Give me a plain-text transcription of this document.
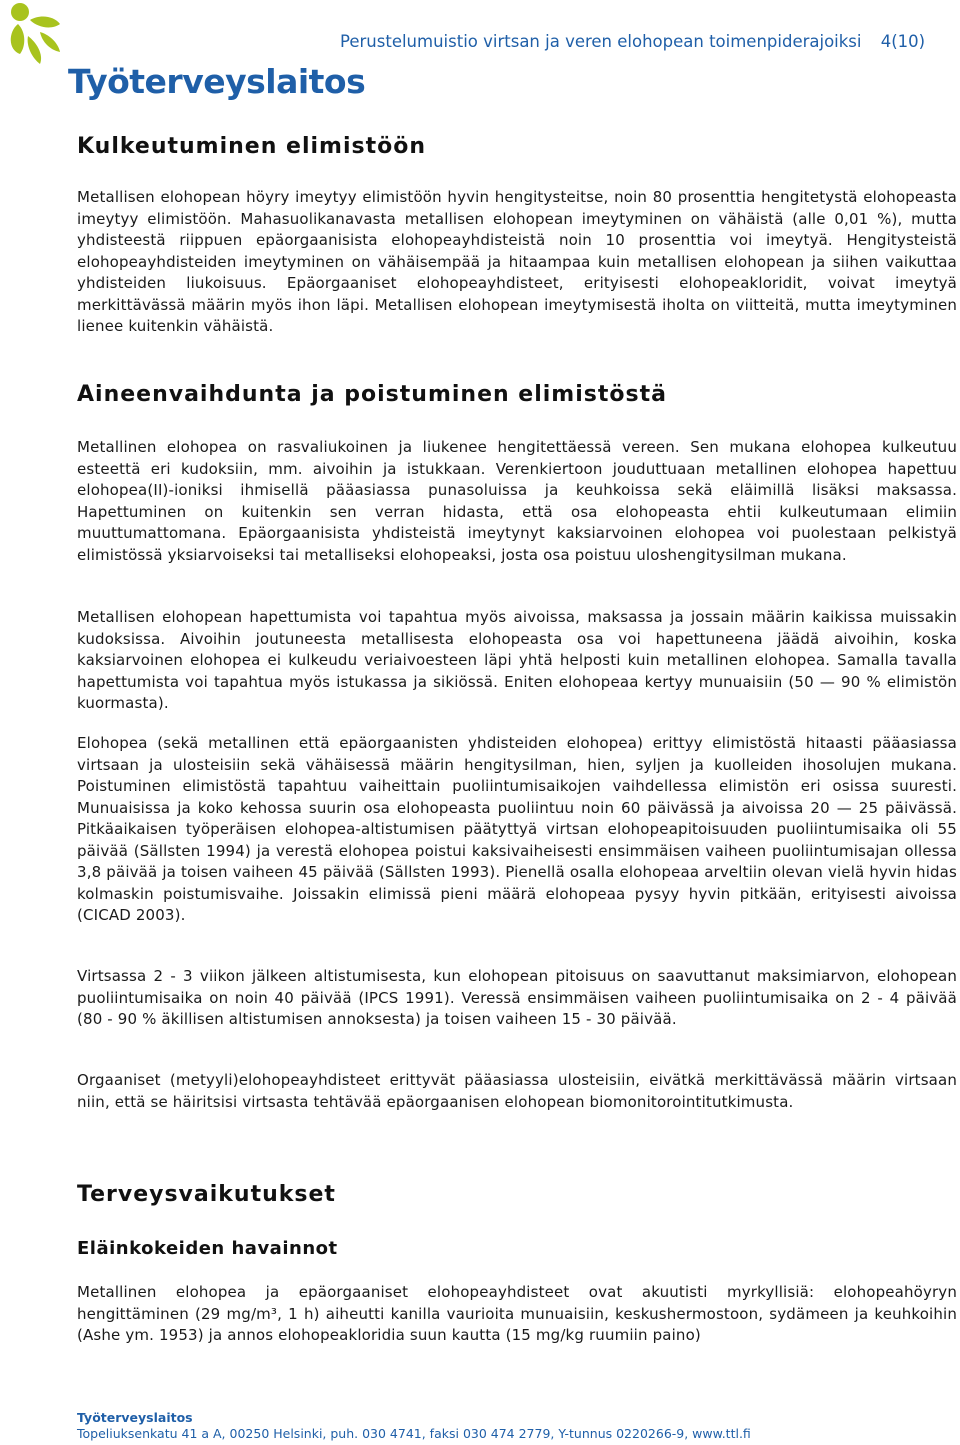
Työterveyslaitos
Perustelumuistio virtsan ja veren elohopean toimenpiderajoiksi 4(10)
Kulkeutuminen elimistöön

Metallisen elohopean höyry imeytyy elimistöön hyvin hengitysteitse, noin 80 prosenttia hengitetystä elohopeasta imeytyy elimistöön. Mahasuolikanavasta metallisen elohopean imeytyminen on vähäistä (alle 0,01 %), mutta yhdisteestä riippuen epäorgaanisista elohopeayhdisteistä noin 10 prosenttia voi imeytyä. Hengitysteistä elohopeayhdisteiden imeytyminen on vähäisempää ja hitaampaa kuin metallisen elohopean ja siihen vaikuttaa yhdisteiden liukoisuus. Epäorgaaniset elohopeayhdisteet, erityisesti elohopeakloridit, voivat imeytyä merkittävässä määrin myös ihon läpi. Metallisen elohopean imeytymisestä iholta on viitteitä, mutta imeytyminen lienee kuitenkin vähäistä.

Aineenvaihdunta ja poistuminen elimistöstä

Metallinen elohopea on rasvaliukoinen ja liukenee hengitettäessä vereen. Sen mukana elohopea kulkeutuu esteettä eri kudoksiin, mm. aivoihin ja istukkaan. Verenkiertoon jouduttuaan metallinen elohopea hapettuu elohopea(II)-ioniksi ihmisellä pääasiassa punasoluissa ja keuhkoissa sekä eläimillä lisäksi maksassa. Hapettuminen on kuitenkin sen verran hidasta, että osa elohopeasta ehtii kulkeutumaan elimiin muuttumattomana. Epäorgaanisista yhdisteistä imeytynyt kaksiarvoinen elohopea voi puolestaan pelkistyä elimistössä yksiarvoiseksi tai metalliseksi elohopeaksi, josta osa poistuu uloshengitysilman mukana.

Metallisen elohopean hapettumista voi tapahtua myös aivoissa, maksassa ja jossain määrin kaikissa muissakin kudoksissa. Aivoihin joutuneesta metallisesta elohopeasta osa voi hapettuneena jäädä aivoihin, koska kaksiarvoinen elohopea ei kulkeudu veriaivoesteen läpi yhtä helposti kuin metallinen elohopea. Samalla tavalla hapettumista voi tapahtua myös istukassa ja sikiössä. Eniten elohopeaa kertyy munuaisiin (50 — 90 % elimistön kuormasta).

Elohopea (sekä metallinen että epäorgaanisten yhdisteiden elohopea) erittyy elimistöstä hitaasti pääasiassa virtsaan ja ulosteisiin sekä vähäisessä määrin hengitysilman, hien, syljen ja kuolleiden ihosolujen mukana. Poistuminen elimistöstä tapahtuu vaiheittain puoliintumisaikojen vaihdellessa elimistön eri osissa suuresti. Munuaisissa ja koko kehossa suurin osa elohopeasta puoliintuu noin 60 päivässä ja aivoissa 20 — 25 päivässä. Pitkäaikaisen työperäisen elohopea-altistumisen päätyttyä virtsan elohopeapitoisuuden puoliintumisaika oli 55 päivää (Sällsten 1994) ja verestä elohopea poistui kaksivaiheisesti ensimmäisen vaiheen puoliintumisajan ollessa 3,8 päivää ja toisen vaiheen 45 päivää (Sällsten 1993). Pienellä osalla elohopeaa arveltiin olevan vielä hyvin hidas kolmaskin poistumisvaihe. Joissakin elimissä pieni määrä elohopeaa pysyy hyvin pitkään, erityisesti aivoissa (CICAD 2003).

Virtsassa 2 - 3 viikon jälkeen altistumisesta, kun elohopean pitoisuus on saavuttanut maksimiarvon, elohopean puoliintumisaika on noin 40 päivää (IPCS 1991). Veressä ensimmäisen vaiheen puoliintumisaika on 2 - 4 päivää (80 - 90 % äkillisen altistumisen annoksesta) ja toisen vaiheen 15 - 30 päivää.

Orgaaniset (metyyli)elohopeayhdisteet erittyvät pääasiassa ulosteisiin, eivätkä merkittävässä määrin virtsaan niin, että se häiritsisi virtsasta tehtävää epäorgaanisen elohopean biomonitorointitutkimusta.

Terveysvaikutukset
Eläinkokeiden havainnot

Metallinen elohopea ja epäorgaaniset elohopeayhdisteet ovat akuutisti myrkyllisiä: elohopeahöyryn hengittäminen (29 mg/m³, 1 h) aiheutti kanilla vaurioita munuaisiin, keskushermostoon, sydämeen ja keuhkoihin (Ashe ym. 1953) ja annos elohopeakloridia suun kautta (15 mg/kg ruumiin paino)

Työterveyslaitos
Topeliuksenkatu 41 a A, 00250 Helsinki, puh. 030 4741, faksi 030 474 2779, Y-tunnus 0220266-9, www.ttl.fi
